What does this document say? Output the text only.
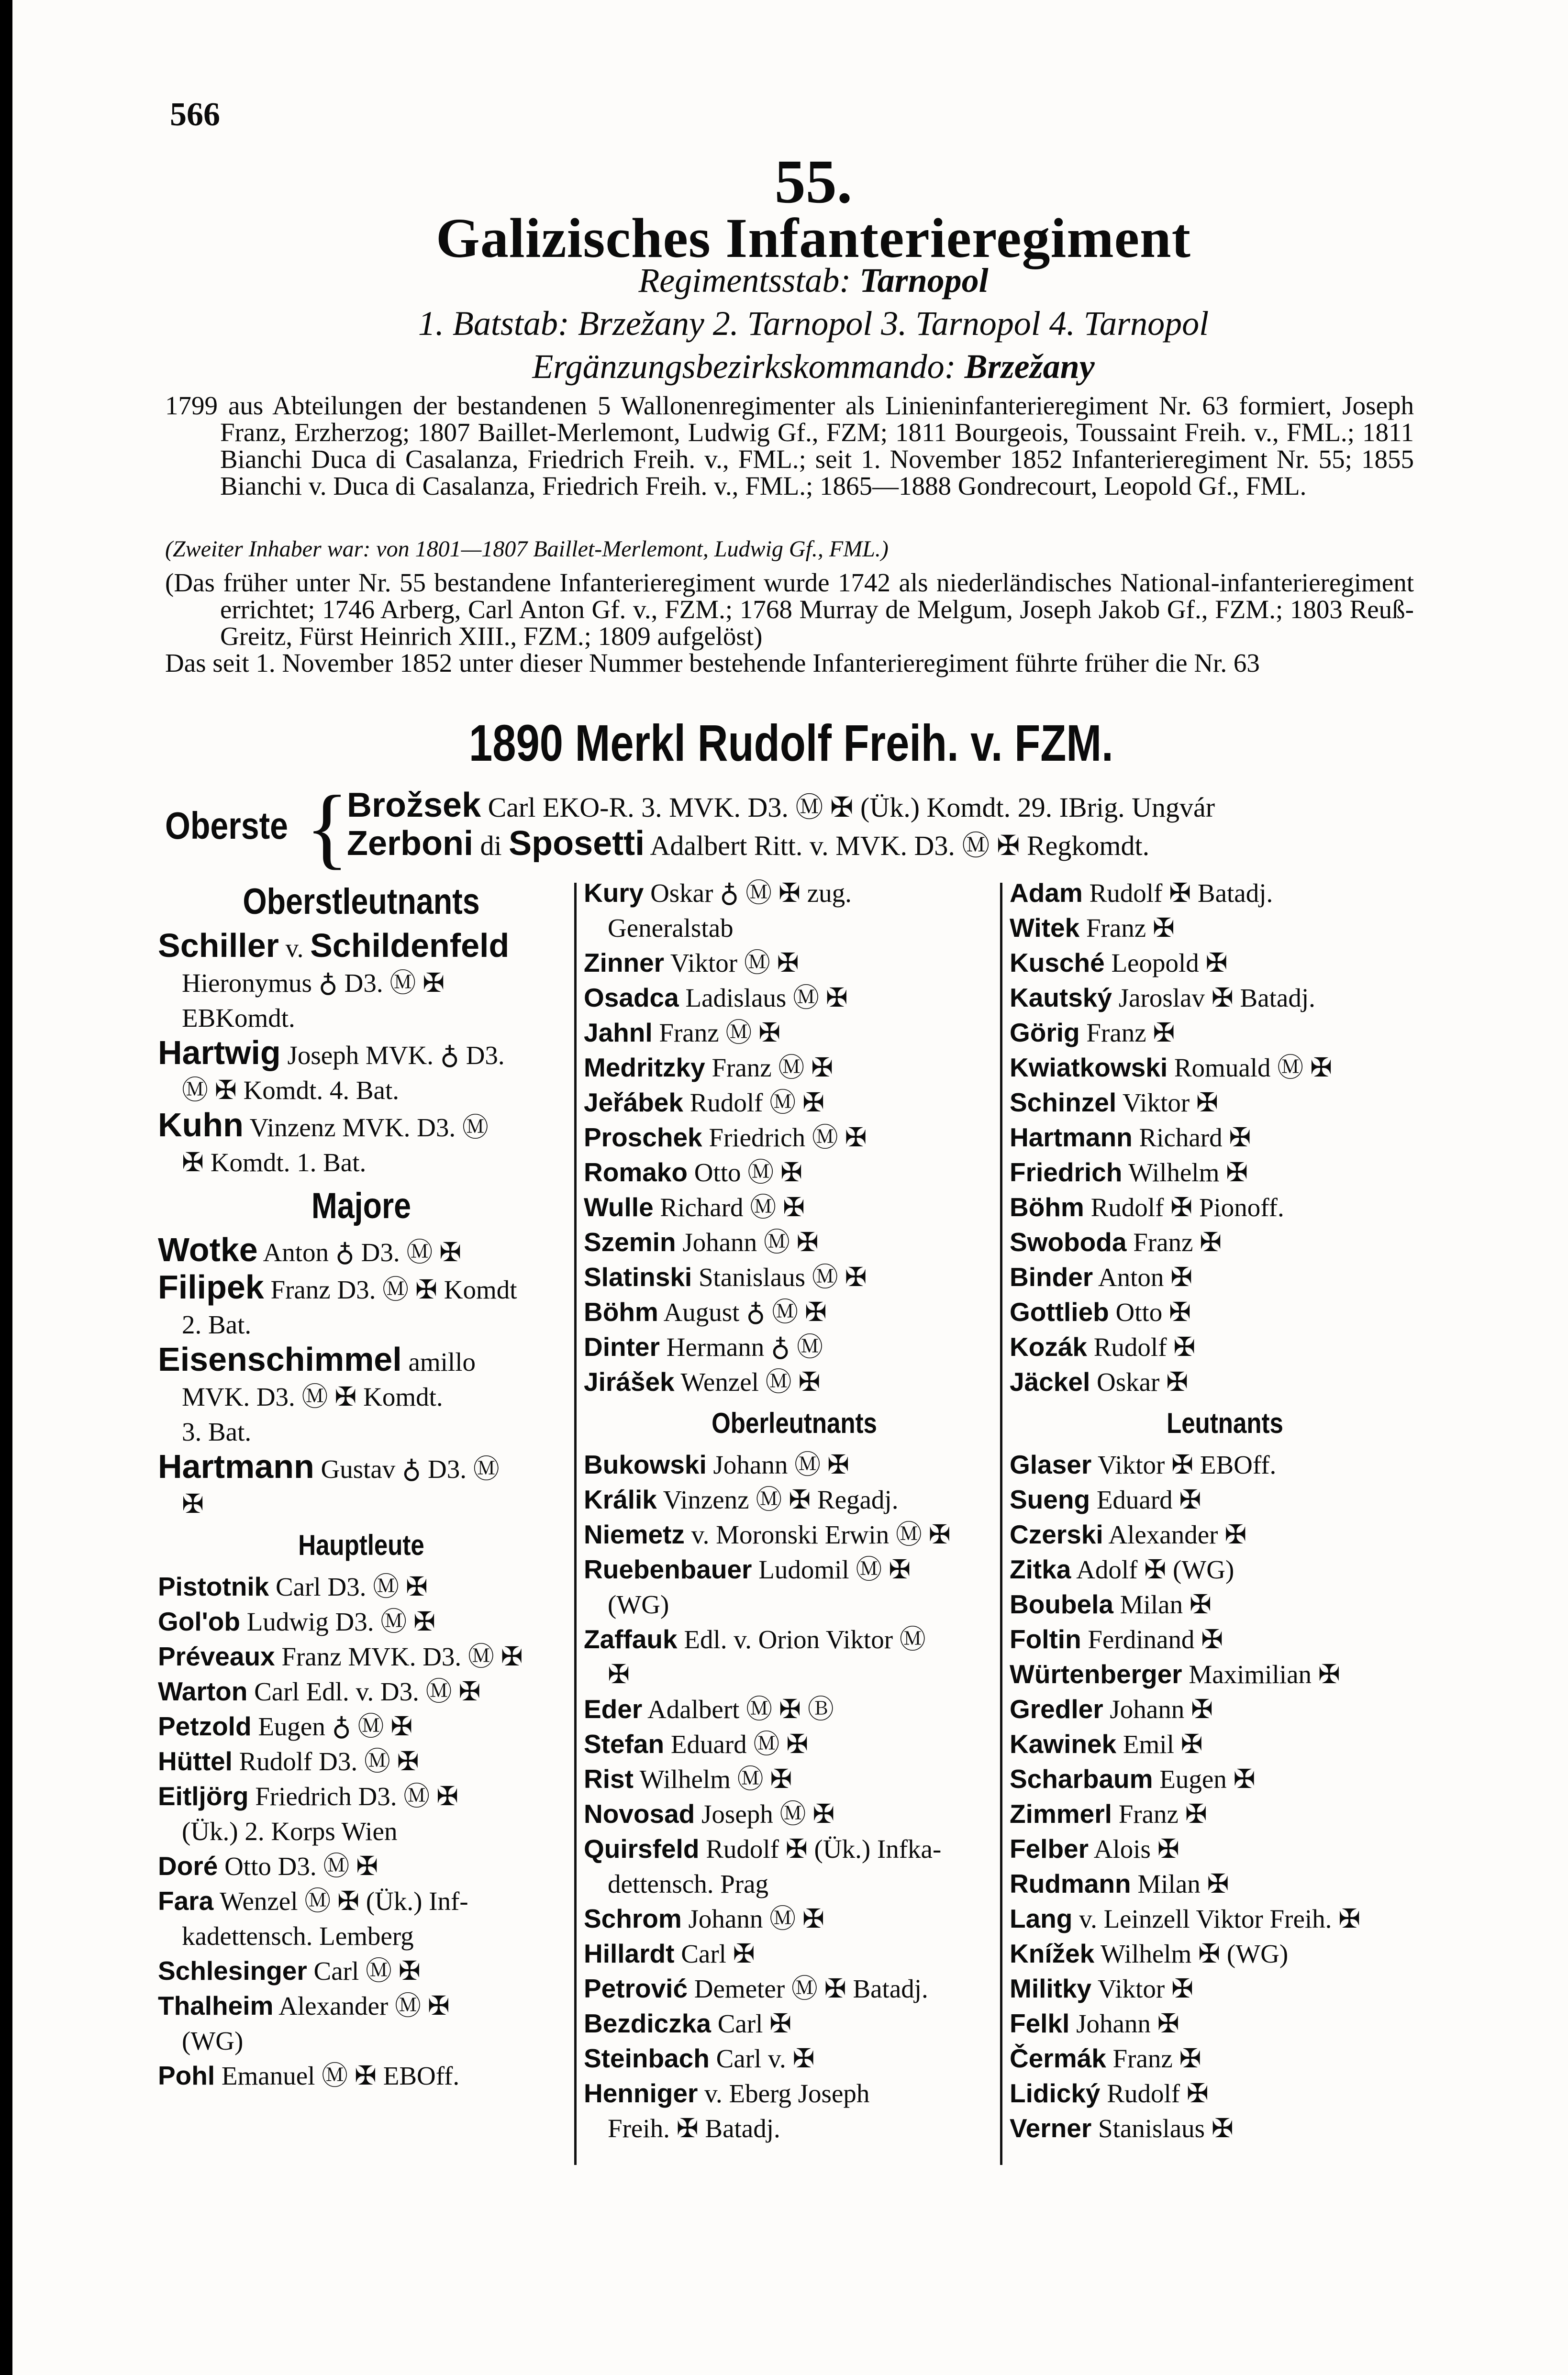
566
55.
Galizisches Infanterieregiment
Regimentsstab: Tarnopol
1. Batstab: Brzežany 2. Tarnopol 3. Tarnopol 4. Tarnopol
Ergänzungsbezirkskommando: Brzežany

1799 aus Abteilungen der bestandenen 5 Wallonenregimenter als Linieninfanterieregiment Nr. 63 formiert, Joseph Franz, Erzherzog; 1807 Baillet-Merlemont, Ludwig Gf., FZM; 1811 Bourgeois, Toussaint Freih. v., FML.; 1811 Bianchi Duca di Casalanza, Friedrich Freih. v., FML.; seit 1. November 1852 Infanterieregiment Nr. 55; 1855 Bianchi v. Duca di Casalanza, Friedrich Freih. v., FML.; 1865—1888 Gondrecourt, Leopold Gf., FML.

(Zweiter Inhaber war: von 1801—1807 Baillet-Merlemont, Ludwig Gf., FML.)

(Das früher unter Nr. 55 bestandene Infanterieregiment wurde 1742 als niederländisches National-infanterieregiment errichtet; 1746 Arberg, Carl Anton Gf. v., FZM.; 1768 Murray de Melgum, Joseph Jakob Gf., FZM.; 1803 Reuß-Greitz, Fürst Heinrich XIII., FZM.; 1809 aufgelöst)

Das seit 1. November 1852 unter dieser Nummer bestehende Infanterieregiment führte früher die Nr. 63

1890 Merkl Rudolf Freih. v. FZM.
Oberste {
Brožsek Carl EKO-R. 3. MVK. D3. Ⓜ ✠ (Ük.) Komdt. 29. IBrig. Ungvár
Zerboni di Sposetti Adalbert Ritt. v. MVK. D3. Ⓜ ✠ Regkomdt.
Oberstleutnants
Schiller v. Schildenfeld
Hieronymus ♁ D3. Ⓜ ✠
EBKomdt.
Hartwig Joseph MVK. ♁ D3.
Ⓜ ✠ Komdt. 4. Bat.
Kuhn Vinzenz MVK. D3. Ⓜ
✠ Komdt. 1. Bat.
Majore
Wotke Anton ♁ D3. Ⓜ ✠
Filipek Franz D3. Ⓜ ✠ Komdt
2. Bat.
Eisenschimmel amillo
MVK. D3. Ⓜ ✠ Komdt.
3. Bat.
Hartmann Gustav ♁ D3. Ⓜ
✠
Hauptleute
Pistotnik Carl D3. Ⓜ ✠
Gol'ob Ludwig D3. Ⓜ ✠
Préveaux Franz MVK. D3. Ⓜ ✠
Warton Carl Edl. v. D3. Ⓜ ✠
Petzold Eugen ♁ Ⓜ ✠
Hüttel Rudolf D3. Ⓜ ✠
Eitljörg Friedrich D3. Ⓜ ✠
(Ük.) 2. Korps Wien
Doré Otto D3. Ⓜ ✠
Fara Wenzel Ⓜ ✠ (Ük.) Inf-
kadettensch. Lemberg
Schlesinger Carl Ⓜ ✠
Thalheim Alexander Ⓜ ✠
(WG)
Pohl Emanuel Ⓜ ✠ EBOff.
Kury Oskar ♁ Ⓜ ✠ zug.
Generalstab
Zinner Viktor Ⓜ ✠
Osadca Ladislaus Ⓜ ✠
Jahnl Franz Ⓜ ✠
Medritzky Franz Ⓜ ✠
Jeřábek Rudolf Ⓜ ✠
Proschek Friedrich Ⓜ ✠
Romako Otto Ⓜ ✠
Wulle Richard Ⓜ ✠
Szemin Johann Ⓜ ✠
Slatinski Stanislaus Ⓜ ✠
Böhm August ♁ Ⓜ ✠
Dinter Hermann ♁ Ⓜ
Jirášek Wenzel Ⓜ ✠
Oberleutnants
Bukowski Johann Ⓜ ✠
Králik Vinzenz Ⓜ ✠ Regadj.
Niemetz v. Moronski Erwin Ⓜ ✠
Ruebenbauer Ludomil Ⓜ ✠
(WG)
Zaffauk Edl. v. Orion Viktor Ⓜ
✠
Eder Adalbert Ⓜ ✠ Ⓑ
Stefan Eduard Ⓜ ✠
Rist Wilhelm Ⓜ ✠
Novosad Joseph Ⓜ ✠
Quirsfeld Rudolf ✠ (Ük.) Infka-
dettensch. Prag
Schrom Johann Ⓜ ✠
Hillardt Carl ✠
Petrović Demeter Ⓜ ✠ Batadj.
Bezdiczka Carl ✠
Steinbach Carl v. ✠
Henniger v. Eberg Joseph
Freih. ✠ Batadj.
Adam Rudolf ✠ Batadj.
Witek Franz ✠
Kusché Leopold ✠
Kautský Jaroslav ✠ Batadj.
Görig Franz ✠
Kwiatkowski Romuald Ⓜ ✠
Schinzel Viktor ✠
Hartmann Richard ✠
Friedrich Wilhelm ✠
Böhm Rudolf ✠ Pionoff.
Swoboda Franz ✠
Binder Anton ✠
Gottlieb Otto ✠
Kozák Rudolf ✠
Jäckel Oskar ✠
Leutnants
Glaser Viktor ✠ EBOff.
Sueng Eduard ✠
Czerski Alexander ✠
Zitka Adolf ✠ (WG)
Boubela Milan ✠
Foltin Ferdinand ✠
Würtenberger Maximilian ✠
Gredler Johann ✠
Kawinek Emil ✠
Scharbaum Eugen ✠
Zimmerl Franz ✠
Felber Alois ✠
Rudmann Milan ✠
Lang v. Leinzell Viktor Freih. ✠
Knížek Wilhelm ✠ (WG)
Militky Viktor ✠
Felkl Johann ✠
Čermák Franz ✠
Lidický Rudolf ✠
Verner Stanislaus ✠
